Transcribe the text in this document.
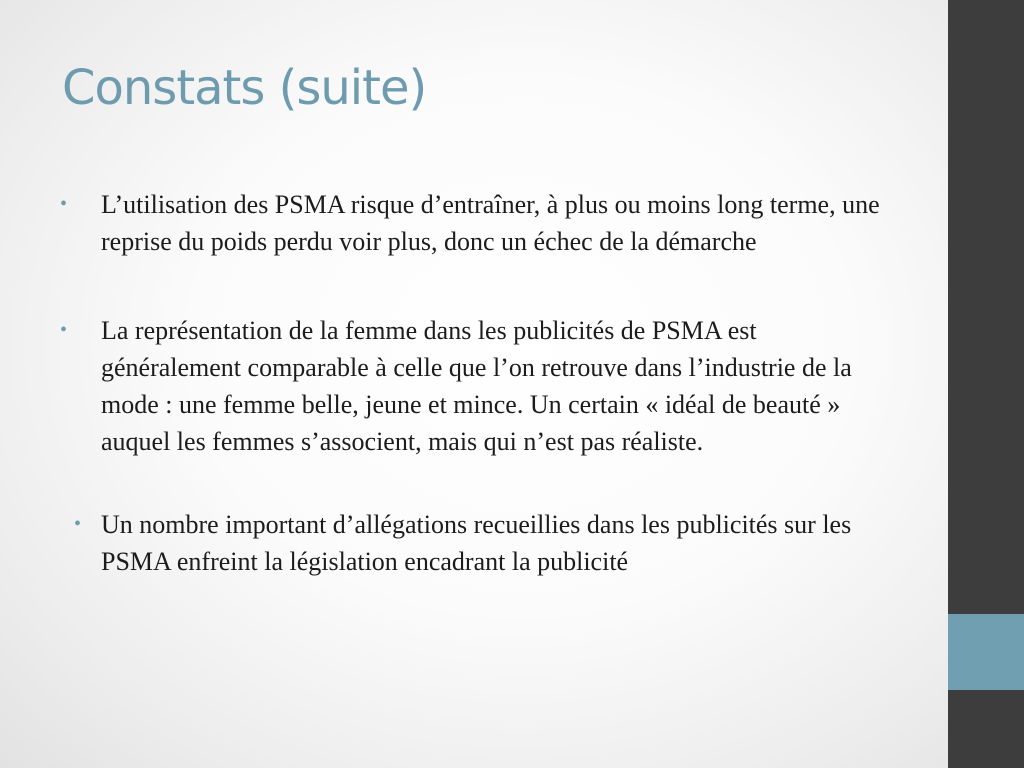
Constats (suite)
• L’utilisation des PSMA risque d’entraîner, à plus ou moins long terme, une reprise du poids perdu voir plus, donc un échec de la démarche
• La représentation de la femme dans les publicités de PSMA est généralement comparable à celle que l’on retrouve dans l’industrie de la mode : une femme belle, jeune et mince. Un certain « idéal de beauté » auquel les femmes s’associent, mais qui n’est pas réaliste.
• Un nombre important d’allégations recueillies dans les publicités sur les PSMA enfreint la législation encadrant la publicité
